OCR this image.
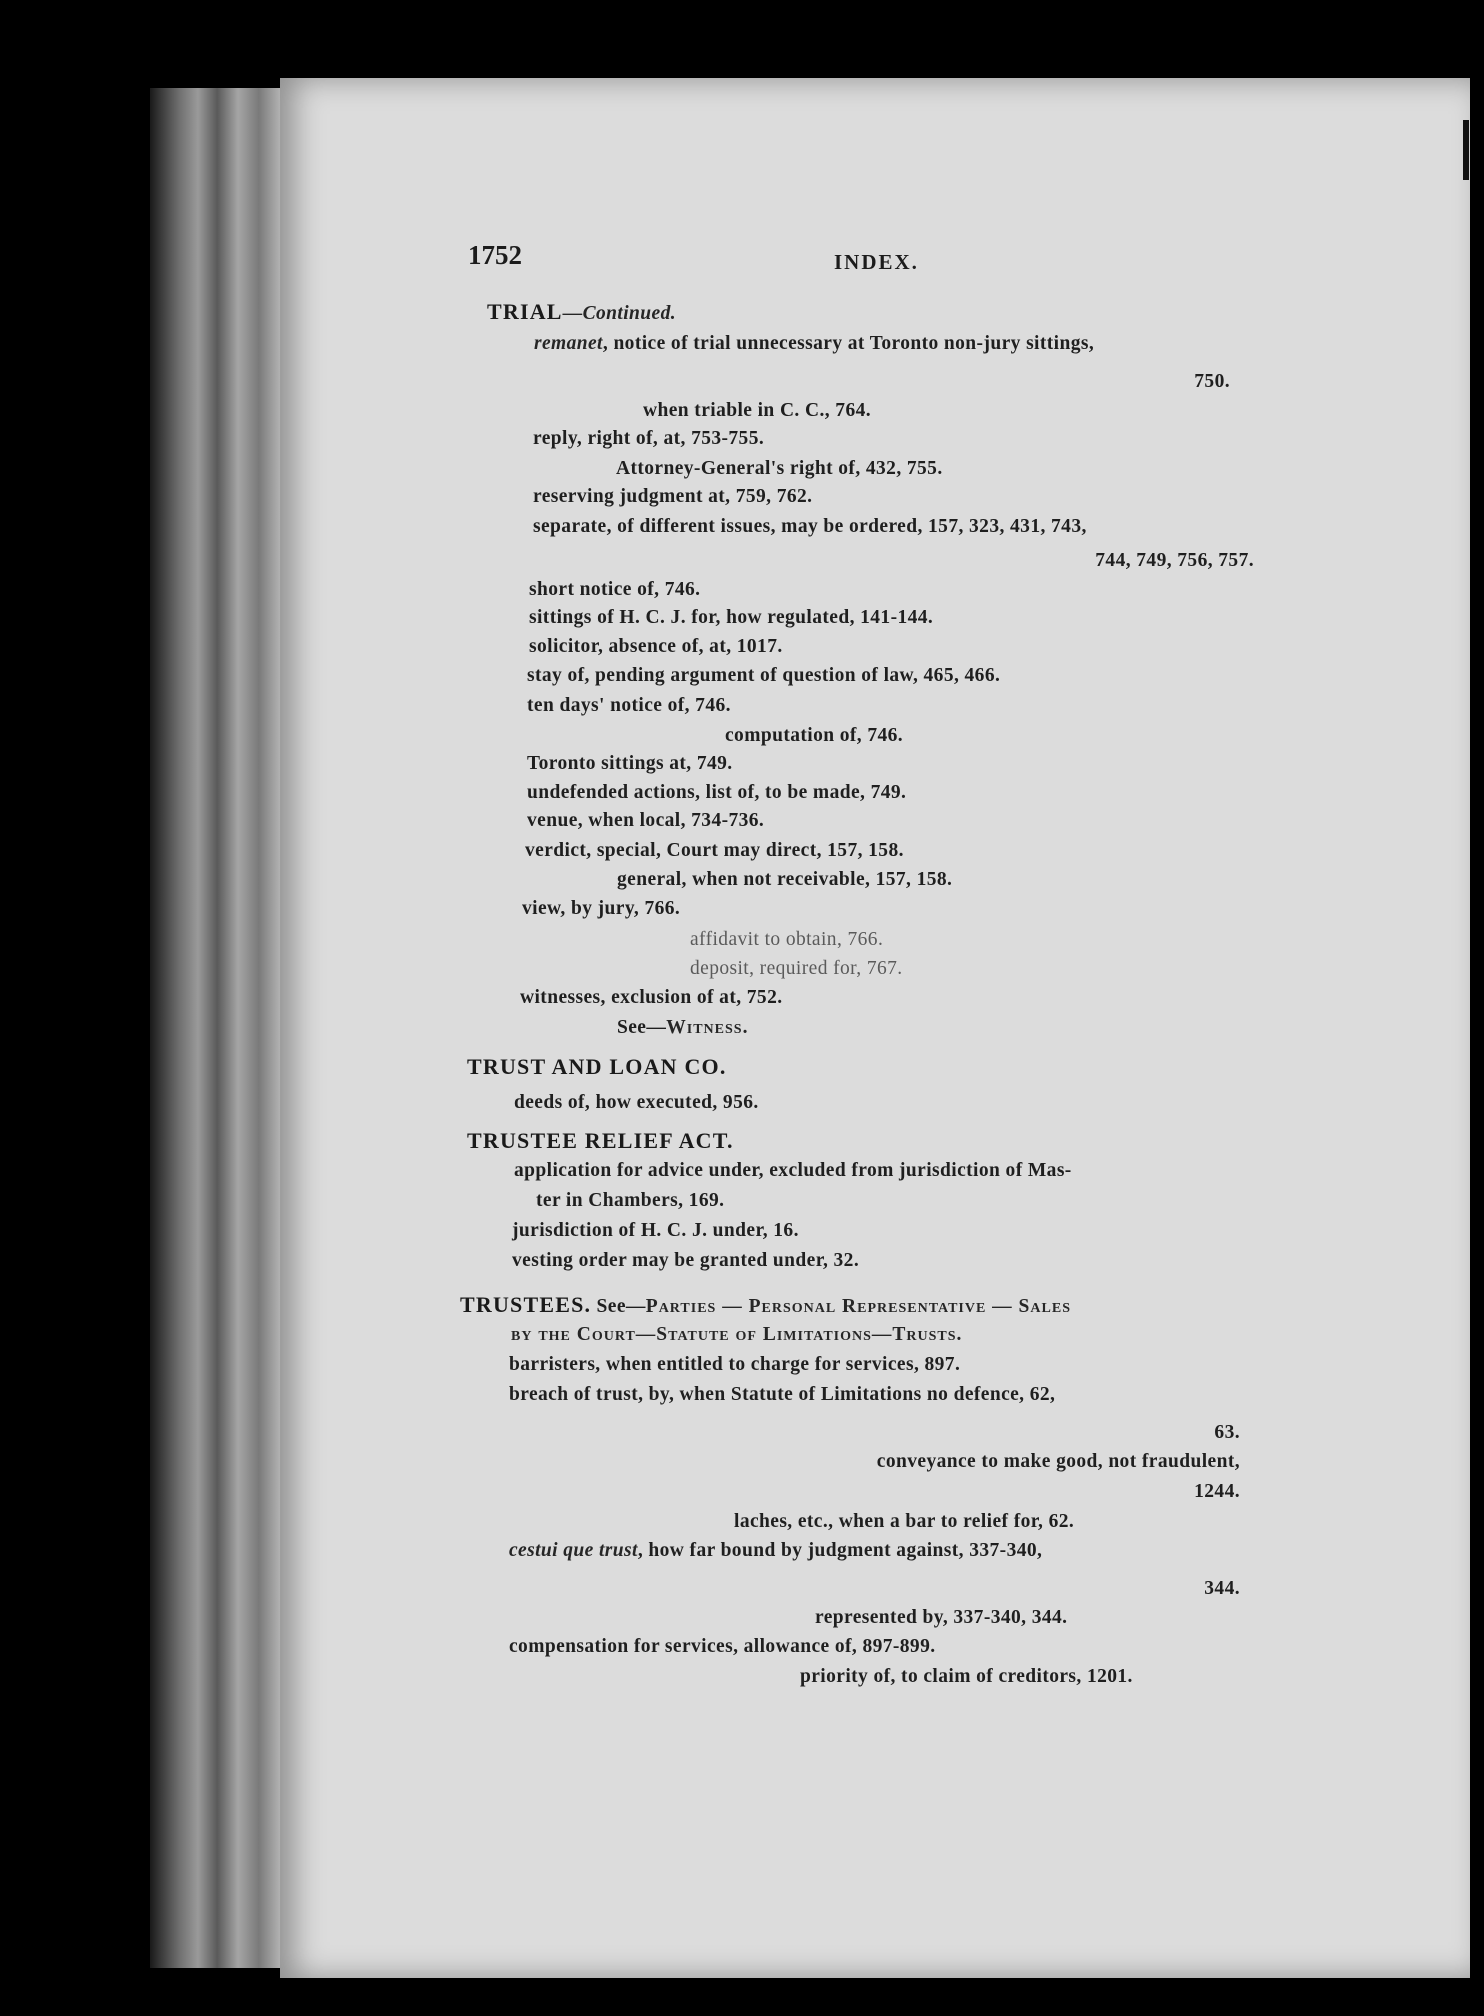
1752	INDEX.
TRIAL—Continued.
remanet, notice of trial unnecessary at Toronto non-jury sittings,
750.
when triable in C. C., 764.
reply, right of, at, 753-755.
Attorney-General's right of, 432, 755.
reserving judgment at, 759, 762.
separate, of different issues, may be ordered, 157, 323, 431, 743,
744, 749, 756, 757.
short notice of, 746.
sittings of H. C. J. for, how regulated, 141-144.
solicitor, absence of, at, 1017.
stay of, pending argument of question of law, 465, 466.
ten days' notice of, 746.
computation of, 746.
Toronto sittings at, 749.
undefended actions, list of, to be made, 749.
venue, when local, 734-736.
verdict, special, Court may direct, 157, 158.
general, when not receivable, 157, 158.
view, by jury, 766.
affidavit to obtain, 766.
deposit, required for, 767.
witnesses, exclusion of at, 752.
See—Witness.
TRUST AND LOAN CO.
deeds of, how executed, 956.
TRUSTEE RELIEF ACT.
application for advice under, excluded from jurisdiction of Mas-
ter in Chambers, 169.
jurisdiction of H. C. J. under, 16.
vesting order may be granted under, 32.
TRUSTEES. See—Parties — Personal Representative — Sales
by the Court—Statute of Limitations—Trusts.
barristers, when entitled to charge for services, 897.
breach of trust, by, when Statute of Limitations no defence, 62,
63.
conveyance to make good, not fraudulent,
1244.
laches, etc., when a bar to relief for, 62.
cestui que trust, how far bound by judgment against, 337-340,
344.
represented by, 337-340, 344.
compensation for services, allowance of, 897-899.
priority of, to claim of creditors, 1201.
